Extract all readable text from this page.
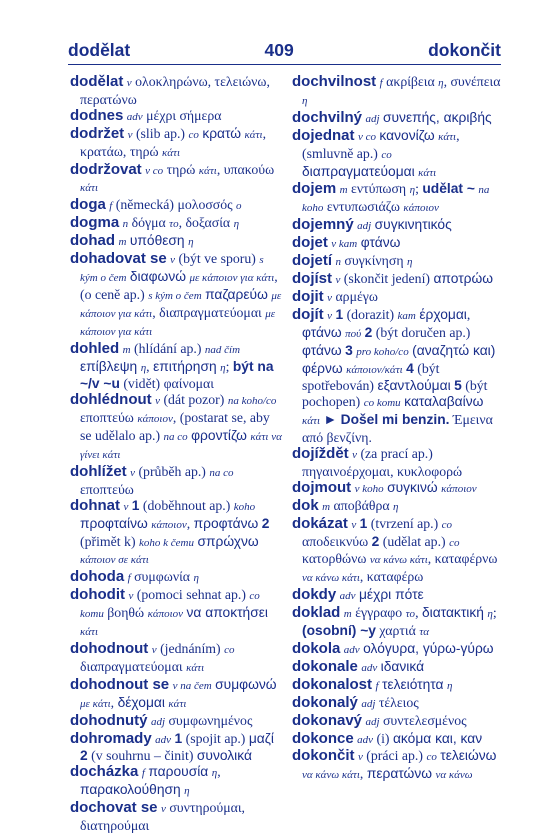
dodělat	409	dokončit

dodělat v ολοκληρώνω, τελειώνω, περατώνω

dodnes adv μέχρι σήμερα

dodržet v (slib ap.) co κρατώ κάτι, κρατάω, τηρώ κάτι

dodržovat v co τηρώ κάτι, υπακούω κάτι

doga f (německá) μολοσσός ο

dogma n δόγμα το, δοξασία η

dohad m υπόθεση η

dohadovat se v (být ve sporu) s kým o čem διαφωνώ με κάποιον για κάτι, (o ceně ap.) s kým o čem παζαρεύω με κάποιον για κάτι, διαπραγματεύομαι με κάποιον για κάτι

dohled m (hlídání ap.) nad čím επίβλεψη η, επιτήρηση η; být na ~/v ~u (vidět) φαίνομαι

dohlédnout v (dát pozor) na koho/co εποπτεύω κάποιον, (postarat se, aby se udělalo ap.) na co φροντίζω κάτι να γίνει κάτι

dohlížet v (průběh ap.) na co εποπτεύω

dohnat v 1 (doběhnout ap.) koho προφταίνω κάποιον, προφτάνω 2 (přimět k) koho k čemu σπρώχνω κάποιον σε κάτι

dohoda f συμφωνία η

dohodit v (pomoci sehnat ap.) co komu βοηθώ κάποιον να αποκτήσει κάτι

dohodnout v (jednáním) co διαπραγματεύομαι κάτι

dohodnout se v na čem συμφωνώ με κάτι, δέχομαι κάτι

dohodnutý adj συμφωνημένος

dohromady adv 1 (spojit ap.) μαζί 2 (v souhrnu – činit) συνολικά

docházka f παρουσία η, παρακολούθηση η

dochovat se v συντηρούμαι, διατηρούμαι

dochvilnost f ακρίβεια η, συνέπεια η

dochvilný adj συνεπής, ακριβής

dojednat v co κανονίζω κάτι, (smluvně ap.) co διαπραγματεύομαι κάτι

dojem m εντύπωση η; udělat ~ na koho εντυπωσιάζω κάποιον

dojemný adj συγκινητικός

dojet v kam φτάνω

dojetí n συγκίνηση η

dojíst v (skončit jedení) αποτρώω

dojit v αρμέγω

dojít v 1 (dorazit) kam έρχομαι, φτάνω πού 2 (být doručen ap.) φτάνω 3 pro koho/co (αναζητώ και) φέρνω κάποιον/κάτι 4 (být spotřebován) εξαντλούμαι 5 (být pochopen) co komu καταλαβαίνω κάτι ► Došel mi benzin. Έμεινα από βενζίνη.

dojíždět v (za prací ap.) πηγαινοέρχομαι, κυκλοφορώ

dojmout v koho συγκινώ κάποιον

dok m αποβάθρα η

dokázat v 1 (tvrzení ap.) co αποδεικνύω 2 (udělat ap.) co κατορθώνω να κάνω κάτι, καταφέρνω να κάνω κάτι, καταφέρω

dokdy adv μέχρι πότε

doklad m έγγραφο το, διατακτική η; (osobní) ~y χαρτιά τα

dokola adv ολόγυρα, γύρω-γύρω

dokonale adv ιδανικά

dokonalost f τελειότητα η

dokonalý adj τέλειος

dokonavý adj συντελεσμένος

dokonce adv (i) ακόμα και, καν

dokončit v (práci ap.) co τελειώνω να κάνω κάτι, περατώνω να κάνω
